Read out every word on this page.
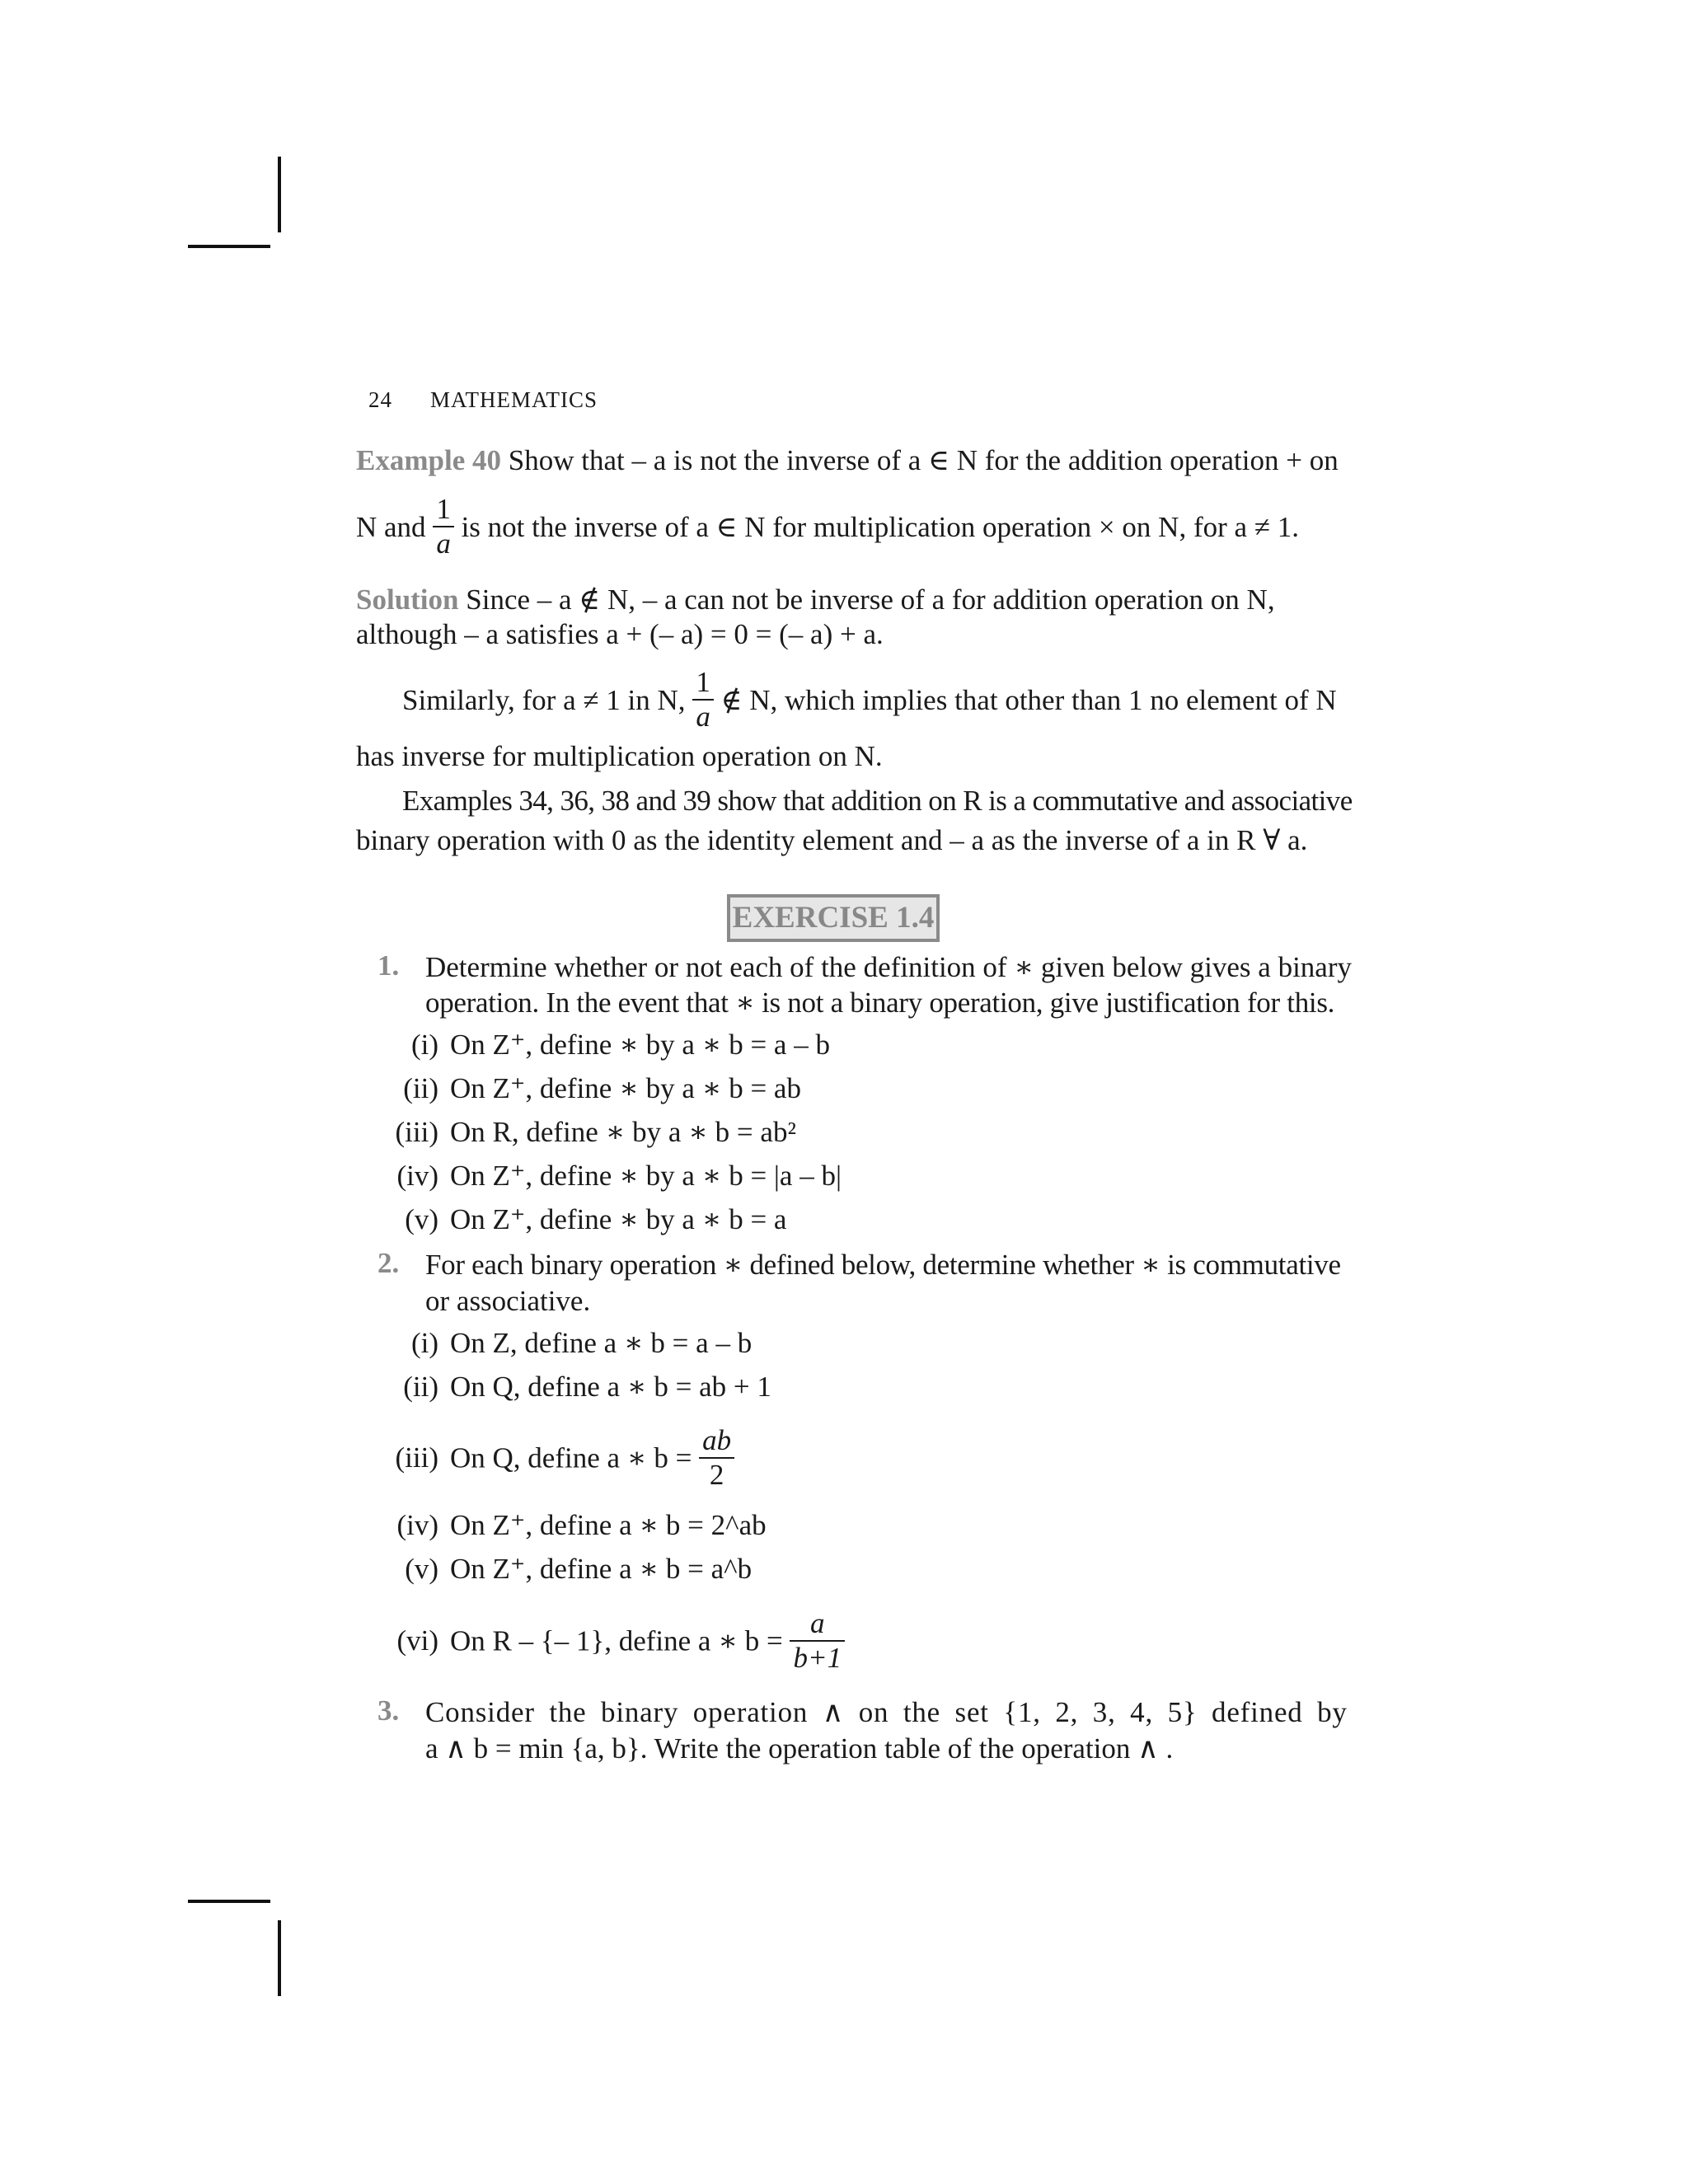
24 MATHEMATICS
Example 40 Show that – a is not the inverse of a ∈ N for the addition operation + on
N and $\frac{1}{a}$ is not the inverse of a ∈ N for multiplication operation × on N, for a ≠ 1.
Solution Since – a ∉ N, – a can not be inverse of a for addition operation on N,
although – a satisfies a + (– a) = 0 = (– a) + a.
Similarly, for a ≠ 1 in N, $\frac{1}{a}$ ∉ N, which implies that other than 1 no element of N
has inverse for multiplication operation on N.
Examples 34, 36, 38 and 39 show that addition on R is a commutative and associative
binary operation with 0 as the identity element and – a as the inverse of a in R ∀ a.
EXERCISE 1.4
1. Determine whether or not each of the definition of ∗ given below gives a binary
operation. In the event that ∗ is not a binary operation, give justification for this.
(i) On Z⁺, define ∗ by a ∗ b = a – b
(ii) On Z⁺, define ∗ by a ∗ b = ab
(iii) On R, define ∗ by a ∗ b = ab²
(iv) On Z⁺, define ∗ by a ∗ b = |a – b|
(v) On Z⁺, define ∗ by a ∗ b = a
2. For each binary operation ∗ defined below, determine whether ∗ is commutative
or associative.
(i) On Z, define a ∗ b = a – b
(ii) On Q, define a ∗ b = ab + 1
(iii) On Q, define a ∗ $b = \frac{ab}{2}$
(iv) On Z⁺, define a ∗ b = 2^ab
(v) On Z⁺, define a ∗ b = a^b
(vi) On R – {– 1}, define a ∗ $b = \frac{a}{b+1}$
3. Consider the binary operation ∧ on the set {1, 2, 3, 4, 5} defined by
a ∧ b = min {a, b}. Write the operation table of the operation ∧ .
